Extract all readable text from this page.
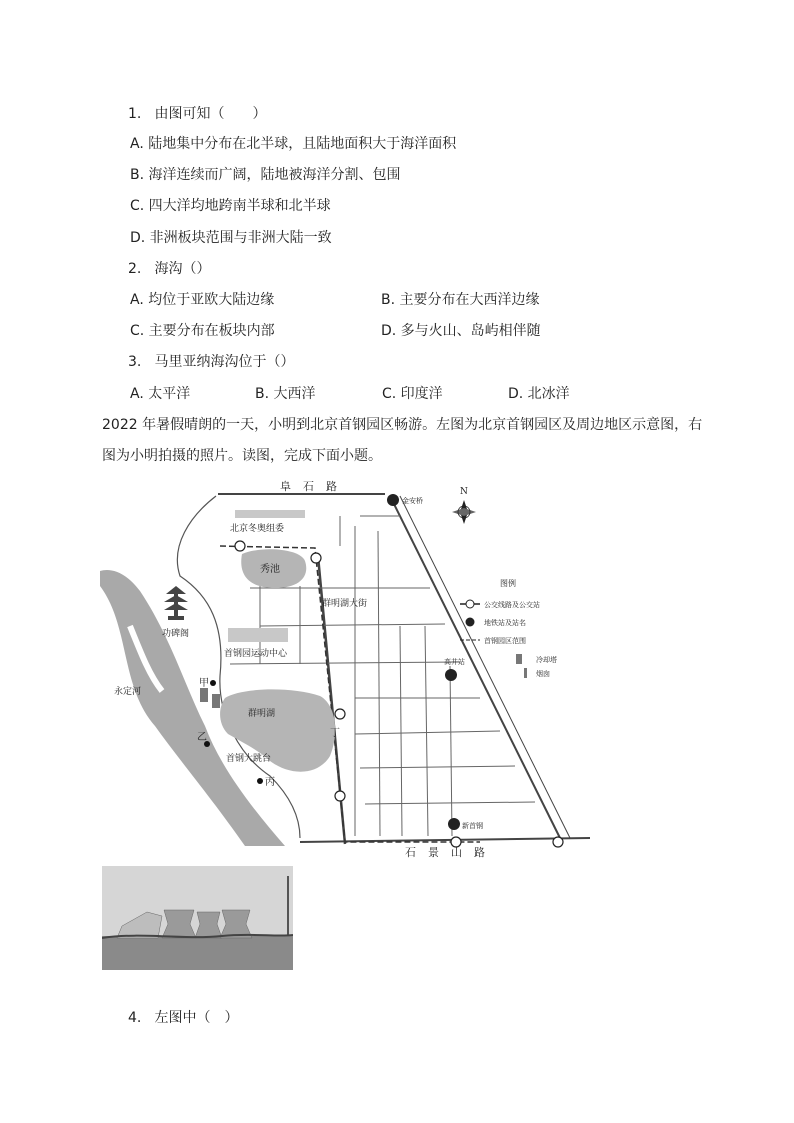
1. 由图可知（　　）
A. 陆地集中分布在北半球，且陆地面积大于海洋面积
B. 海洋连续而广阔，陆地被海洋分割、包围
C. 四大洋均地跨南半球和北半球
D. 非洲板块范围与非洲大陆一致
2. 海沟（）
A. 均位于亚欧大陆边缘	B. 主要分布在大西洋边缘
C. 主要分布在板块内部	D. 多与火山、岛屿相伴随
3. 马里亚纳海沟位于（）
A. 太平洋	B. 大西洋	C. 印度洋	D. 北冰洋
2022 年暑假晴朗的一天，小明到北京首钢园区畅游。左图为北京首钢园区及周边地区示意图，右
图为小明拍摄的照片。读图，完成下面小题。
金安桥
高井站
新首钢
甲
乙
丙
丁
阜石路
石景山路
北京冬奥组委
秀池
功碑阁
首钢园运动中心
群明湖
首钢大跳台
永定河
群明湖大街
N
图例
公交线路及公交站
地铁站及站名
首钢园区范围
冷却塔
烟囱
4. 左图中（　）
